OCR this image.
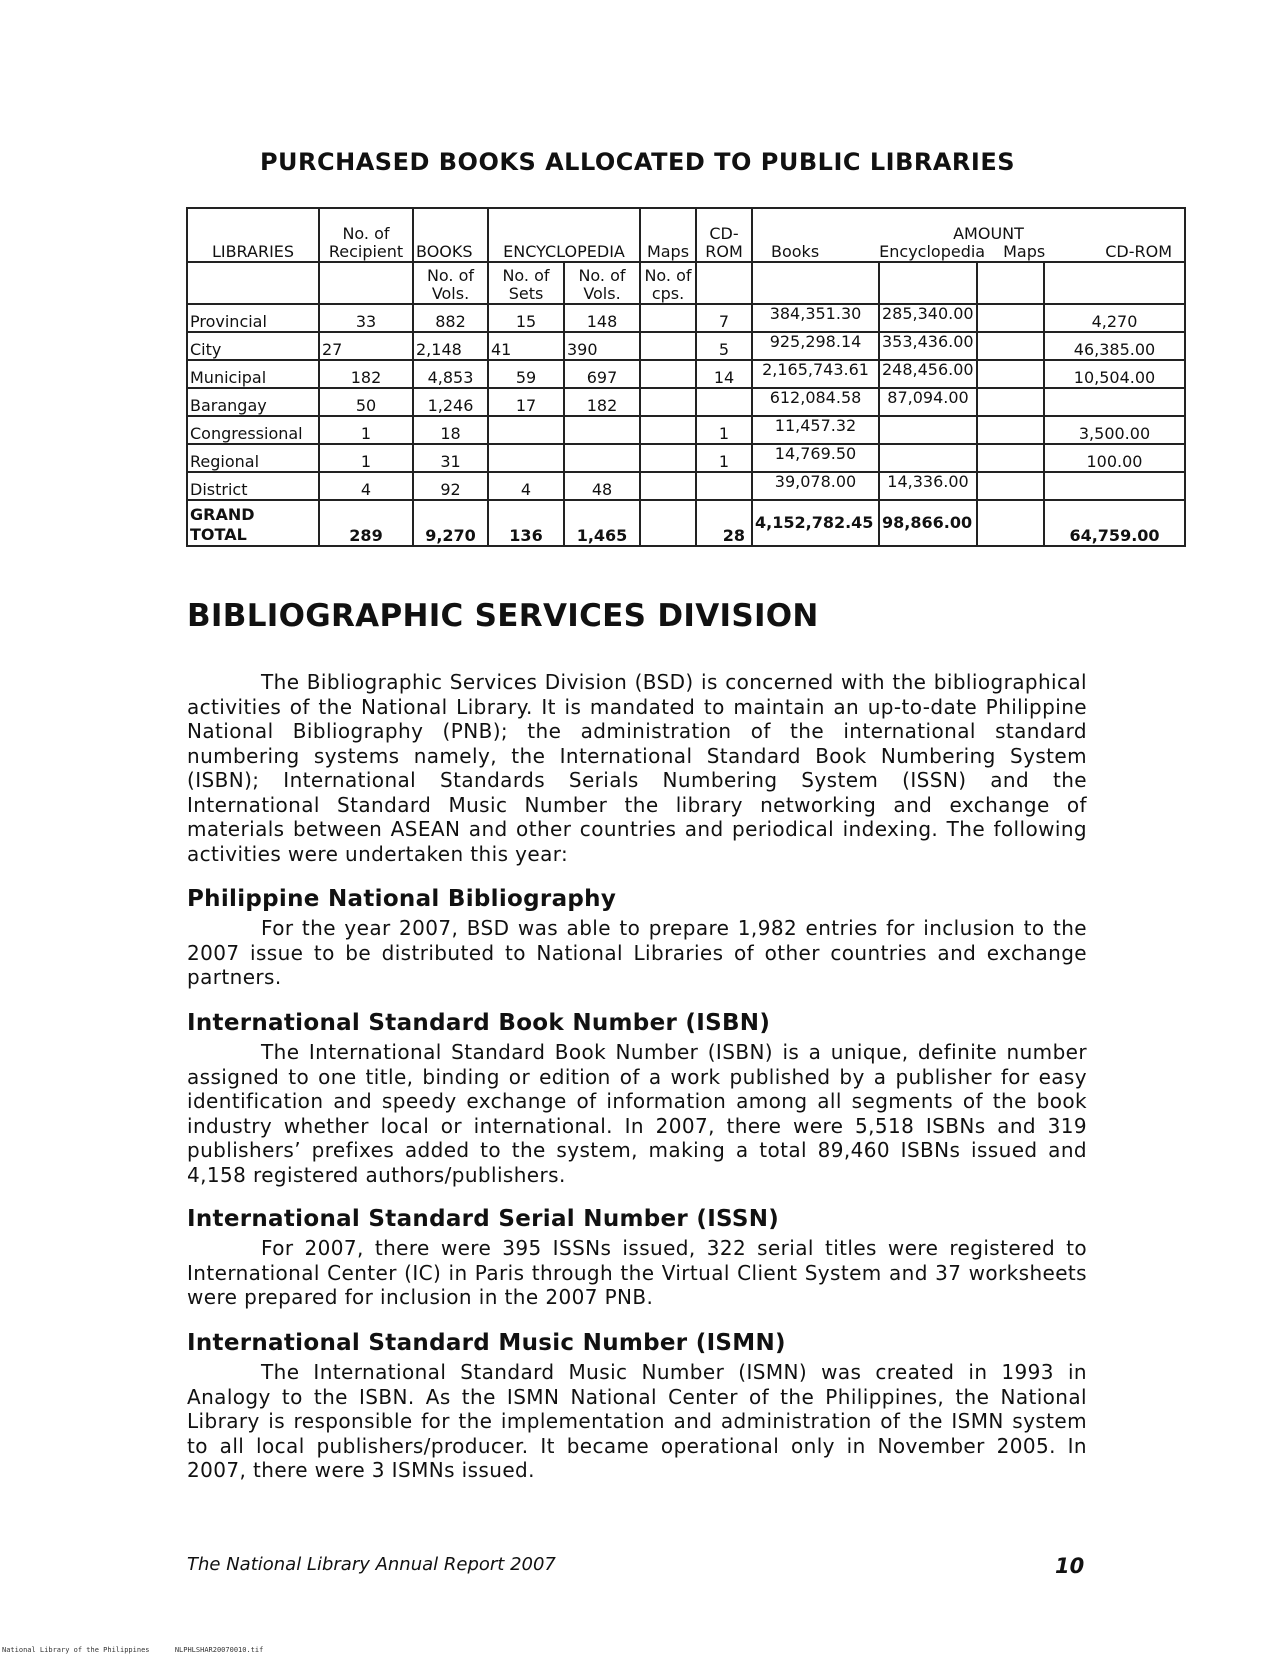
PURCHASED BOOKS ALLOCATED TO PUBLIC LIBRARIES
LIBRARIES	No. of Recipient	BOOKS	ENCYCLOPEDIA		Maps	CD- ROM	AMOUNT
Books Encyclopedia Maps CD-ROM			

		No. of Vols.	No. of Sets	No. of Vols.	No. of cps.					
Provincial	33	882	15	148		7	384,351.30	285,340.00		4,270
City	27	2,148	41	390		5	925,298.14	353,436.00		46,385.00
Municipal	182	4,853	59	697		14	2,165,743.61	248,456.00		10,504.00
Barangay	50	1,246	17	182			612,084.58	87,094.00		
Congressional	1	18				1	11,457.32			3,500.00
Regional	1	31				1	14,769.50			100.00
District	4	92	4	48			39,078.00	14,336.00		
GRAND
TOTAL	289	9,270	136	1,465		28	4,152,782.45	98,866.00		64,759.00
BIBLIOGRAPHIC SERVICES DIVISION

The Bibliographic Services Division (BSD) is concerned with the bibliographical activities of the National Library. It is mandated to maintain an up-to-date Philippine National Bibliography (PNB); the administration of the international standard numbering systems namely, the International Standard Book Numbering System (ISBN); International Standards Serials Numbering System (ISSN) and the International Standard Music Number the library networking and exchange of materials between ASEAN and other countries and periodical indexing. The following activities were undertaken this year:

Philippine National Bibliography

For the year 2007, BSD was able to prepare 1,982 entries for inclusion to the 2007 issue to be distributed to National Libraries of other countries and exchange partners.

International Standard Book Number (ISBN)

The International Standard Book Number (ISBN) is a unique, definite number assigned to one title, binding or edition of a work published by a publisher for easy identification and speedy exchange of information among all segments of the book industry whether local or international. In 2007, there were 5,518 ISBNs and 319 publishers’ prefixes added to the system, making a total 89,460 ISBNs issued and 4,158 registered authors/publishers.

International Standard Serial Number (ISSN)

For 2007, there were 395 ISSNs issued, 322 serial titles were registered to International Center (IC) in Paris through the Virtual Client System and 37 worksheets were prepared for inclusion in the 2007 PNB.

International Standard Music Number (ISMN)

The International Standard Music Number (ISMN) was created in 1993 in Analogy to the ISBN. As the ISMN National Center of the Philippines, the National Library is responsible for the implementation and administration of the ISMN system to all local publishers/producer. It became operational only in November 2005. In 2007, there were 3 ISMNs issued.

The National Library Annual Report 2007	10
National Library of the Philippines	NLPHLSHAR20070010.tif
